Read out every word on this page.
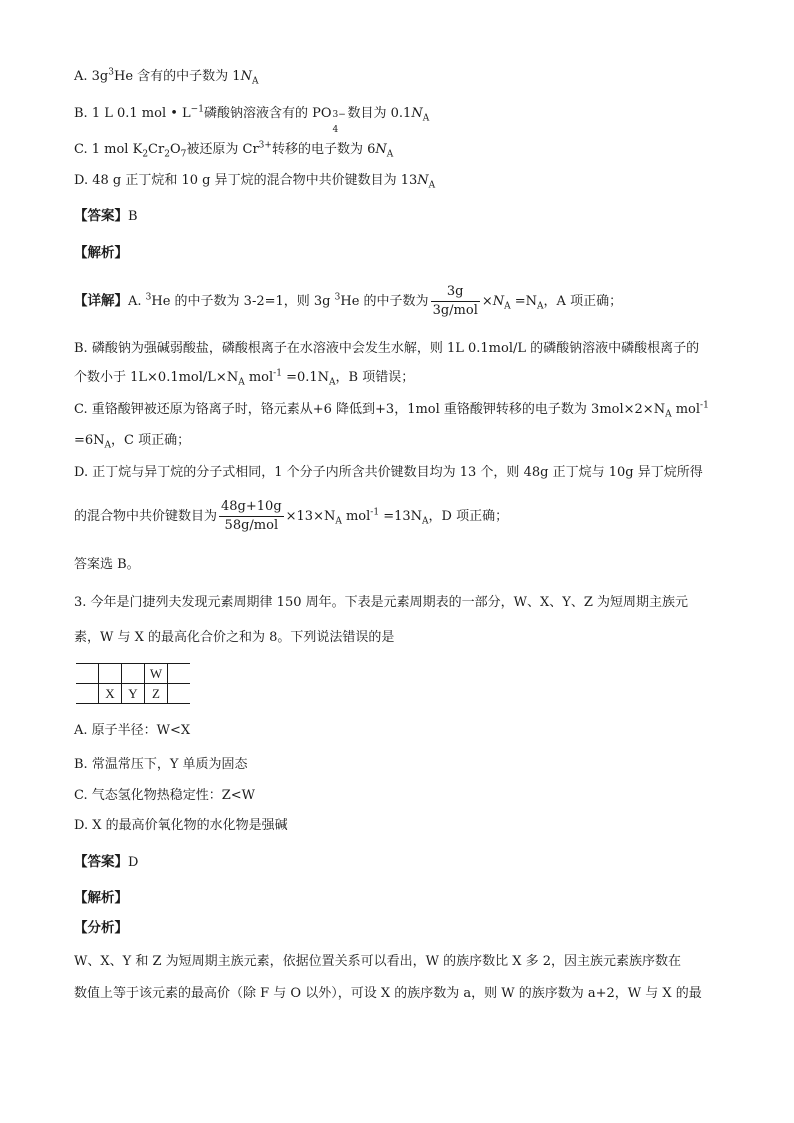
A. $3g^3He$ 含有的中子数为 $1N_A$
B. 1 L 0.1 mol • $L^{-1}$磷酸钠溶液含有的 PO 3−
4
数目为 $0.1N_A$
C. 1 mol $K_2Cr_2O_7$被还原为 $Cr^{3+}$转移的电子数为 $6N_A$
D. 48 g 正丁烷和 10 g 异丁烷的混合物中共价键数目为 $13N_A$
【答案】B
【解析】
【详解】A. $^3$He 的中子数为 3-2=1，则 3g $^3$He 的中子数为 $\frac{3g}{\text{3g/mol}} \times N_A =N_A$，A 项正确；
B. 磷酸钠为强碱弱酸盐，磷酸根离子在水溶液中会发生水解，则 1L 0.1mol/L 的磷酸钠溶液中磷酸根离子的
个数小于 $1L\times 0.1mol/L\times N_A$ $mol^{-1} =0.1N_A$，B 项错误；
C. 重铬酸钾被还原为铬离子时，铬元素从+6 降低到+3，1mol 重铬酸钾转移的电子数为 $3mol\times 2\times N_A$ mol$^{-1}$
$=6N_A$，C 项正确；
D. 正丁烷与异丁烷的分子式相同，1 个分子内所含共价键数目均为 13 个，则 48g 正丁烷与 10g 异丁烷所得
的混合物中共价键数目为 $\frac{48g+10g}{\text{58g/mol}} \times 13\times N_A$ $mol^{-1} =13N_A$，D 项正确；
答案选 B。
3. 今年是门捷列夫发现元素周期律 150 周年。下表是元素周期表的一部分，W、X、Y、Z 为短周期主族元
素，W 与 X 的最高化合价之和为 8。下列说法错误的是
			W	
	X	Y	Z	
A. 原子半径：W<X
B. 常温常压下，Y 单质为固态
C. 气态氢化物热稳定性：Z<W
D. X 的最高价氧化物的水化物是强碱
【答案】D
【解析】
【分析】
W、X、Y 和 Z 为短周期主族元素，依据位置关系可以看出，W 的族序数比 X 多 2，因主族元素族序数在
数值上等于该元素的最高价（除 F 与 O 以外），可设 X 的族序数为 a，则 W 的族序数为 a+2，W 与 X 的最
